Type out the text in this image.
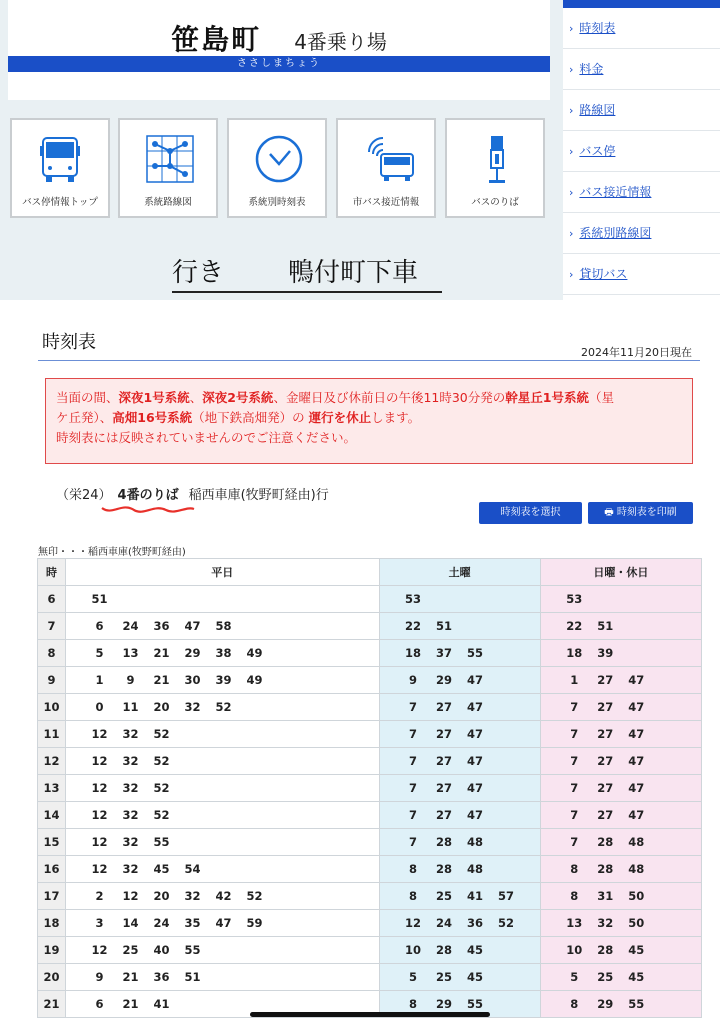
笹島町 4番乗り場
ささしまちょう
› 時刻表
› 料金
› 路線図
› バス停
› バス接近情報
› 系統別路線図
› 貸切バス
バス停情報トップ	系統路線図	系統別時刻表	市バス接近情報	バスのりば
行き 鴨付町下車
時刻表	2024年11月20日現在
当面の間、深夜1号系統、深夜2号系統、金曜日及び休前日の午後11時30分発の幹星丘1号系統（星
ケ丘発）、高畑16号系統（地下鉄高畑発）の 運行を休止します。
時刻表には反映されていませんのでご注意ください。
（栄24） 4番のりば 稲西車庫(牧野町経由)行
時刻表を選択	🖶 時刻表を印刷
無印・・・稲西車庫(牧野町経由)
時	平日	土曜	日曜・休日
6	51	53	53

7	6 24 36 47 58	22 51	22 51

8	5 13 21 29 38 49	18 37 55	18 39

9	1 9 21 30 39 49	9 29 47	1 27 47

10	0 11 20 32 52	7 27 47	7 27 47

11	12 32 52	7 27 47	7 27 47

12	12 32 52	7 27 47	7 27 47

13	12 32 52	7 27 47	7 27 47

14	12 32 52	7 27 47	7 27 47

15	12 32 55	7 28 48	7 28 48

16	12 32 45 54	8 28 48	8 28 48

17	2 12 20 32 42 52	8 25 41 57	8 31 50

18	3 14 24 35 47 59	12 24 36 52	13 32 50

19	12 25 40 55	10 28 45	10 28 45

20	9 21 36 51	5 25 45	5 25 45

21	6 21 41	8 29 55	8 29 55
